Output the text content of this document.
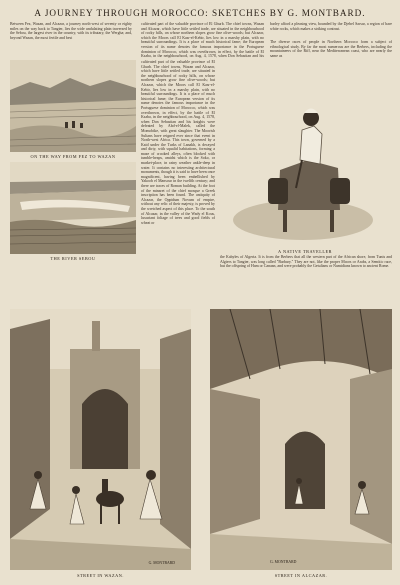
A JOURNEY THROUGH MOROCCO: SKETCHES BY G. MONTBARD.
Between Fez, Wazan, and Alcazar, a journey north-west of seventy or eighty miles on the way back to Tangier, lies the wide undulating plain traversed by the Sebou, the largest river in the country, with its tributary, the Wergha; and, beyond Wazan, the most fertile and best
cultivated part of the valuable province of El Ghurb. The chief towns, Wazan and Alcazar, which have little settled trade, are situated in the neighbourhood of rocky hills, on whose northern slopes grow fine olive-woods; but Alcazar, which the Moors call El Kasr-el-Kebir, lies low in a marshy plain, with no beautiful surroundings. It is a place of much historical fame; the European version of its name denotes the famous importance in the Portuguese dominion of Morocco, which was overthrown, in effect, by the battle of El Ksaba, in the neighbourhood, on Aug. 4, 1578, when Don Sebastian and his
cultivated part of the valuable province of El Ghurb. The chief towns, Wazan and Alcazar, which have little settled trade, are situated in the neighbourhood of rocky hills, on whose northern slopes grow fine olive-woods; but Alcazar, which the Moors call El Kasr-el-Kebir, lies low in a marshy plain, with no beautiful surroundings. It is a place of much historical fame; the European version of its name denotes the famous importance in the Portuguese dominion of Morocco, which was overthrown, in effect, by the battle of El Ksaba, in the neighbourhood, on Aug. 4, 1578, when Don Sebastian and his knights were defeated by Abd-el-Malek, called the Momobike, with great slaughter. The Moorish Sultans have reigned ever since that event in North-west Africa. This town, governed by a Kaid under the Turks of Lanakh, is decayed and dirty, with squalid habitations, forming a maze of crooked alleys, often blocked with tumble-heaps, amidst which is the Soko, or market-place, in rainy weather ankle-deep in water. It contains no interesting architectural monuments, though it is said to have been once magnificent, having been embellished by Yakoob el Mansour in the twelfth century; and there are traces of Roman building. At the foot of the minaret of the chief mosque a Greek inscription has been found. The antiquity of Alcazar, the Oppidum Novum of empire, without any relic of their majesty, is proved by the wretched aspect of this place. To the south of Alcazar, in the valley of the Wady el Kous, luxuriant foliage of trees and good fields of wheat or
barley afford a pleasing view, bounded by the Djebel Sarsar, a region of bare white rocks, which makes a striking contrast.
The diverse races of people in Northern Morocco form a subject of ethnological study. By far the most numerous are the Berbers, including the mountaineers of the Riff, near the Mediterranean coast, who are nearly the same as
the Kabyles of Algeria. It is from the Berbers that all the western part of the African shore, from Tunis and Algiers to Tangier, was long called "Barbary." They are not, like the proper Moors or Arabs, a Semitic race, but the offspring of Ham or Canaan, and were probably the Getulians or Numidians known to ancient Rome.
ON THE WAY FROM FEZ TO WAZAN
THE RIVER SEBOU
A NATIVE TRAVELLER
G. MONTBARD
STREET IN WAZAN.
G. MONTBARD
STREET IN ALCAZAR.
